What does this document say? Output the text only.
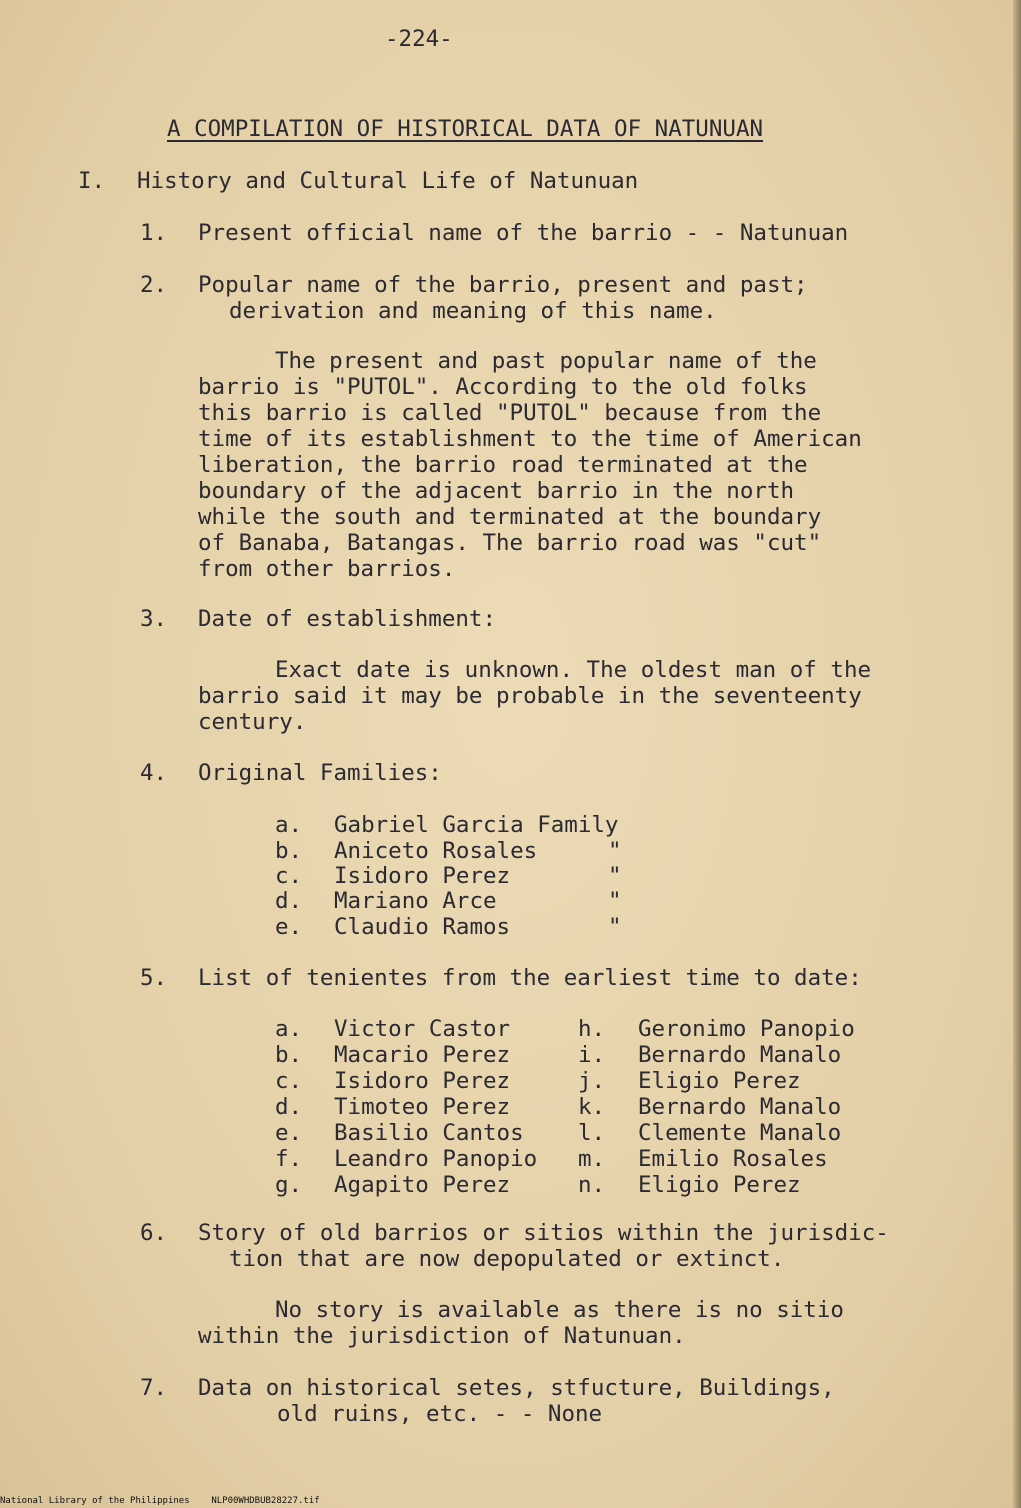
-224-
A COMPILATION OF HISTORICAL DATA OF NATUNUAN
I. History and Cultural Life of Natunuan
1. Present official name of the barrio - - Natunuan
2. Popular name of the barrio, present and past;
derivation and meaning of this name.
The present and past popular name of the
barrio is "PUTOL". According to the old folks
this barrio is called "PUTOL" because from the
time of its establishment to the time of American
liberation, the barrio road terminated at the
boundary of the adjacent barrio in the north
while the south and terminated at the boundary
of Banaba, Batangas. The barrio road was "cut"
from other barrios.
3. Date of establishment:
Exact date is unknown. The oldest man of the
barrio said it may be probable in the seventeenty
century.
4. Original Families:
a. Gabriel Garcia Family
b. Aniceto Rosales	"
c. Isidoro Perez	"
d. Mariano Arce	"
e. Claudio Ramos	"
5. List of tenientes from the earliest time to date:
a. Victor Castor	h. Geronimo Panopio
b. Macario Perez	i. Bernardo Manalo
c. Isidoro Perez	j. Eligio Perez
d. Timoteo Perez	k. Bernardo Manalo
e. Basilio Cantos l. Clemente Manalo
f. Leandro Panopio m. Emilio Rosales
g. Agapito Perez	n. Eligio Perez
6. Story of old barrios or sitios within the jurisdic-
tion that are now depopulated or extinct.
No story is available as there is no sitio
within the jurisdiction of Natunuan.
7. Data on historical setes, stfucture, Buildings,
old ruins, etc. - - None
National Library of the Philippines    NLP00WHDBUB28227.tif
